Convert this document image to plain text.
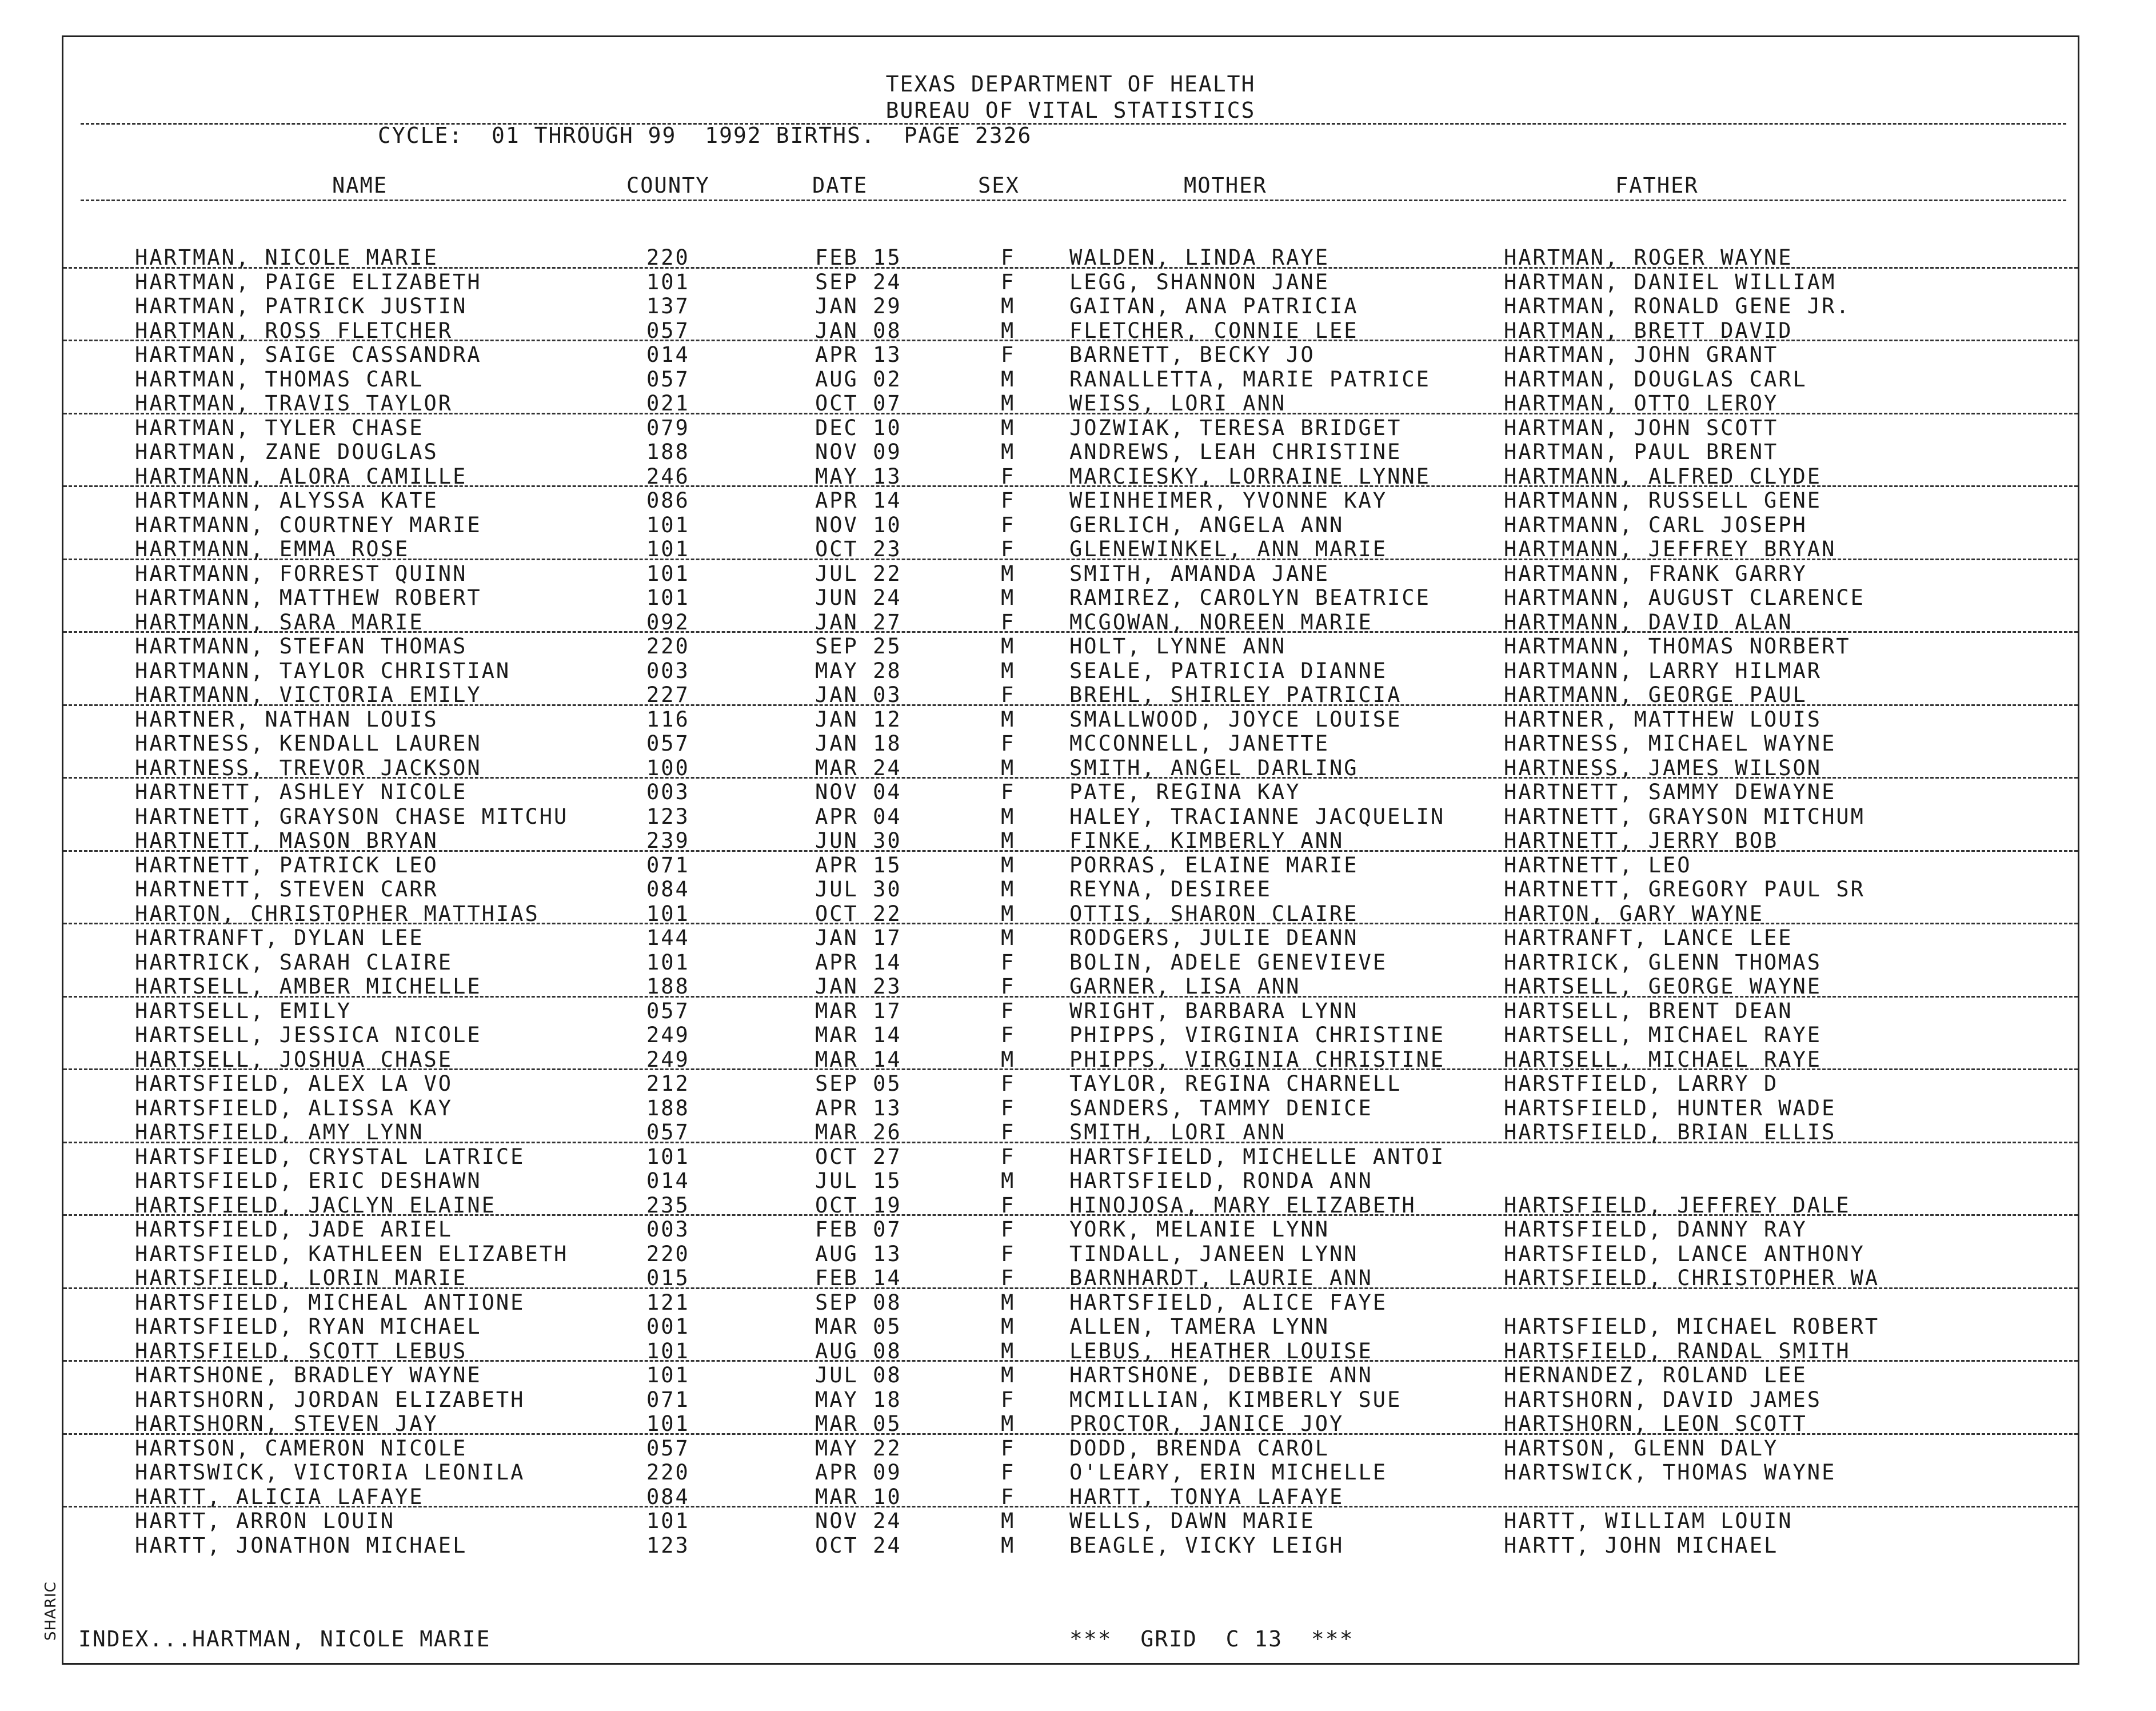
TEXAS DEPARTMENT OF HEALTH
BUREAU OF VITAL STATISTICS
CYCLE:  01 THROUGH 99  1992 BIRTHS.  PAGE 2326
NAME	COUNTY	DATE	SEX	MOTHER	FATHER
HARTMAN, NICOLE MARIE	220	FEB 15	F	WALDEN, LINDA RAYE	HARTMAN, ROGER WAYNE
HARTMAN, PAIGE ELIZABETH	101	SEP 24	F	LEGG, SHANNON JANE	HARTMAN, DANIEL WILLIAM
HARTMAN, PATRICK JUSTIN	137	JAN 29	M	GAITAN, ANA PATRICIA	HARTMAN, RONALD GENE JR.
HARTMAN, ROSS FLETCHER	057	JAN 08	M	FLETCHER, CONNIE LEE	HARTMAN, BRETT DAVID
HARTMAN, SAIGE CASSANDRA	014	APR 13	F	BARNETT, BECKY JO	HARTMAN, JOHN GRANT
HARTMAN, THOMAS CARL	057	AUG 02	M	RANALLETTA, MARIE PATRICE	HARTMAN, DOUGLAS CARL
HARTMAN, TRAVIS TAYLOR	021	OCT 07	M	WEISS, LORI ANN	HARTMAN, OTTO LEROY
HARTMAN, TYLER CHASE	079	DEC 10	M	JOZWIAK, TERESA BRIDGET	HARTMAN, JOHN SCOTT
HARTMAN, ZANE DOUGLAS	188	NOV 09	M	ANDREWS, LEAH CHRISTINE	HARTMAN, PAUL BRENT
HARTMANN, ALORA CAMILLE	246	MAY 13	F	MARCIESKY, LORRAINE LYNNE	HARTMANN, ALFRED CLYDE
HARTMANN, ALYSSA KATE	086	APR 14	F	WEINHEIMER, YVONNE KAY	HARTMANN, RUSSELL GENE
HARTMANN, COURTNEY MARIE	101	NOV 10	F	GERLICH, ANGELA ANN	HARTMANN, CARL JOSEPH
HARTMANN, EMMA ROSE	101	OCT 23	F	GLENEWINKEL, ANN MARIE	HARTMANN, JEFFREY BRYAN
HARTMANN, FORREST QUINN	101	JUL 22	M	SMITH, AMANDA JANE	HARTMANN, FRANK GARRY
HARTMANN, MATTHEW ROBERT	101	JUN 24	M	RAMIREZ, CAROLYN BEATRICE	HARTMANN, AUGUST CLARENCE
HARTMANN, SARA MARIE	092	JAN 27	F	MCGOWAN, NOREEN MARIE	HARTMANN, DAVID ALAN
HARTMANN, STEFAN THOMAS	220	SEP 25	M	HOLT, LYNNE ANN	HARTMANN, THOMAS NORBERT
HARTMANN, TAYLOR CHRISTIAN	003	MAY 28	M	SEALE, PATRICIA DIANNE	HARTMANN, LARRY HILMAR
HARTMANN, VICTORIA EMILY	227	JAN 03	F	BREHL, SHIRLEY PATRICIA	HARTMANN, GEORGE PAUL
HARTNER, NATHAN LOUIS	116	JAN 12	M	SMALLWOOD, JOYCE LOUISE	HARTNER, MATTHEW LOUIS
HARTNESS, KENDALL LAUREN	057	JAN 18	F	MCCONNELL, JANETTE	HARTNESS, MICHAEL WAYNE
HARTNESS, TREVOR JACKSON	100	MAR 24	M	SMITH, ANGEL DARLING	HARTNESS, JAMES WILSON
HARTNETT, ASHLEY NICOLE	003	NOV 04	F	PATE, REGINA KAY	HARTNETT, SAMMY DEWAYNE
HARTNETT, GRAYSON CHASE MITCHU	123	APR 04	M	HALEY, TRACIANNE JACQUELIN	HARTNETT, GRAYSON MITCHUM
HARTNETT, MASON BRYAN	239	JUN 30	M	FINKE, KIMBERLY ANN	HARTNETT, JERRY BOB
HARTNETT, PATRICK LEO	071	APR 15	M	PORRAS, ELAINE MARIE	HARTNETT, LEO
HARTNETT, STEVEN CARR	084	JUL 30	M	REYNA, DESIREE	HARTNETT, GREGORY PAUL SR
HARTON, CHRISTOPHER MATTHIAS	101	OCT 22	M	OTTIS, SHARON CLAIRE	HARTON, GARY WAYNE
HARTRANFT, DYLAN LEE	144	JAN 17	M	RODGERS, JULIE DEANN	HARTRANFT, LANCE LEE
HARTRICK, SARAH CLAIRE	101	APR 14	F	BOLIN, ADELE GENEVIEVE	HARTRICK, GLENN THOMAS
HARTSELL, AMBER MICHELLE	188	JAN 23	F	GARNER, LISA ANN	HARTSELL, GEORGE WAYNE
HARTSELL, EMILY	057	MAR 17	F	WRIGHT, BARBARA LYNN	HARTSELL, BRENT DEAN
HARTSELL, JESSICA NICOLE	249	MAR 14	F	PHIPPS, VIRGINIA CHRISTINE	HARTSELL, MICHAEL RAYE
HARTSELL, JOSHUA CHASE	249	MAR 14	M	PHIPPS, VIRGINIA CHRISTINE	HARTSELL, MICHAEL RAYE
HARTSFIELD, ALEX LA VO	212	SEP 05	F	TAYLOR, REGINA CHARNELL	HARSTFIELD, LARRY D
HARTSFIELD, ALISSA KAY	188	APR 13	F	SANDERS, TAMMY DENICE	HARTSFIELD, HUNTER WADE
HARTSFIELD, AMY LYNN	057	MAR 26	F	SMITH, LORI ANN	HARTSFIELD, BRIAN ELLIS
HARTSFIELD, CRYSTAL LATRICE	101	OCT 27	F	HARTSFIELD, MICHELLE ANTOI
HARTSFIELD, ERIC DESHAWN	014	JUL 15	M	HARTSFIELD, RONDA ANN
HARTSFIELD, JACLYN ELAINE	235	OCT 19	F	HINOJOSA, MARY ELIZABETH	HARTSFIELD, JEFFREY DALE
HARTSFIELD, JADE ARIEL	003	FEB 07	F	YORK, MELANIE LYNN	HARTSFIELD, DANNY RAY
HARTSFIELD, KATHLEEN ELIZABETH	220	AUG 13	F	TINDALL, JANEEN LYNN	HARTSFIELD, LANCE ANTHONY
HARTSFIELD, LORIN MARIE	015	FEB 14	F	BARNHARDT, LAURIE ANN	HARTSFIELD, CHRISTOPHER WA
HARTSFIELD, MICHEAL ANTIONE	121	SEP 08	M	HARTSFIELD, ALICE FAYE
HARTSFIELD, RYAN MICHAEL	001	MAR 05	M	ALLEN, TAMERA LYNN	HARTSFIELD, MICHAEL ROBERT
HARTSFIELD, SCOTT LEBUS	101	AUG 08	M	LEBUS, HEATHER LOUISE	HARTSFIELD, RANDAL SMITH
HARTSHONE, BRADLEY WAYNE	101	JUL 08	M	HARTSHONE, DEBBIE ANN	HERNANDEZ, ROLAND LEE
HARTSHORN, JORDAN ELIZABETH	071	MAY 18	F	MCMILLIAN, KIMBERLY SUE	HARTSHORN, DAVID JAMES
HARTSHORN, STEVEN JAY	101	MAR 05	M	PROCTOR, JANICE JOY	HARTSHORN, LEON SCOTT
HARTSON, CAMERON NICOLE	057	MAY 22	F	DODD, BRENDA CAROL	HARTSON, GLENN DALY
HARTSWICK, VICTORIA LEONILA	220	APR 09	F	O'LEARY, ERIN MICHELLE	HARTSWICK, THOMAS WAYNE
HARTT, ALICIA LAFAYE	084	MAR 10	F	HARTT, TONYA LAFAYE
HARTT, ARRON LOUIN	101	NOV 24	M	WELLS, DAWN MARIE	HARTT, WILLIAM LOUIN
HARTT, JONATHON MICHAEL	123	OCT 24	M	BEAGLE, VICKY LEIGH	HARTT, JOHN MICHAEL
INDEX...HARTMAN, NICOLE MARIE	***  GRID  C 13  ***
SHARIC
